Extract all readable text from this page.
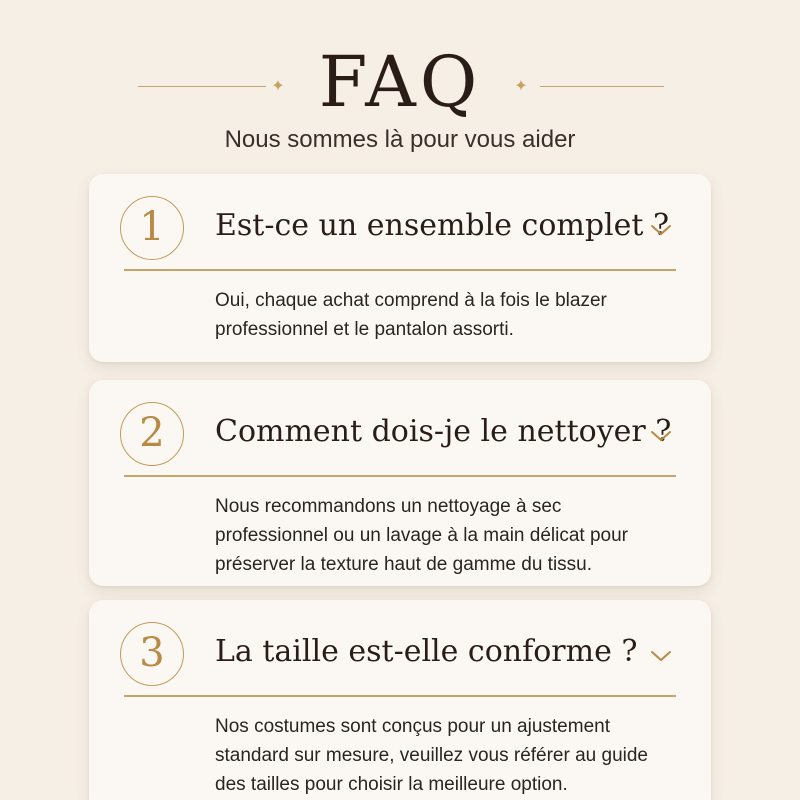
✦ FAQ	✦
Nous sommes là pour vous aider
1	Est-ce un ensemble complet ?
Oui, chaque achat comprend à la fois le blazer professionnel et le pantalon assorti.
2	Comment dois-je le nettoyer ?
Nous recommandons un nettoyage à sec professionnel ou un lavage à la main délicat pour préserver la texture haut de gamme du tissu.
3	La taille est-elle conforme ?
Nos costumes sont conçus pour un ajustement standard sur mesure, veuillez vous référer au guide des tailles pour choisir la meilleure option.
